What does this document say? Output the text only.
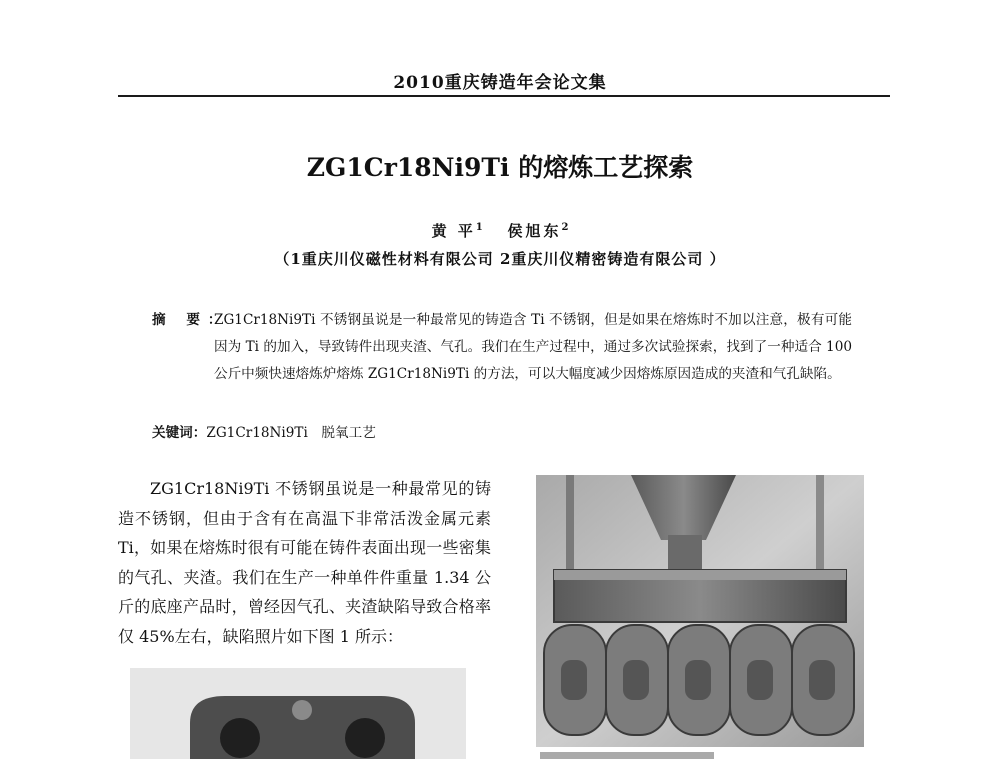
2010重庆铸造年会论文集
ZG1Cr18Ni9Ti 的熔炼工艺探索
黄 平$^1$ 侯旭东$^2$
（1重庆川仪磁性材料有限公司 2重庆川仪精密铸造有限公司 ）
摘 要：
ZG1Cr18Ni9Ti 不锈钢虽说是一种最常见的铸造含 Ti 不锈钢，但是如果在熔炼时不加以注意，极有可能因为 Ti 的加入，导致铸件出现夹渣、气孔。我们在生产过程中，通过多次试验探索，找到了一种适合 100 公斤中频快速熔炼炉熔炼 ZG1Cr18Ni9Ti 的方法，可以大幅度减少因熔炼原因造成的夹渣和气孔缺陷。
关键词：ZG1Cr18Ni9Ti　脱氧工艺

ZG1Cr18Ni9Ti 不锈钢虽说是一种最常见的铸造不锈钢，但由于含有在高温下非常活泼金属元素 Ti，如果在熔炼时很有可能在铸件表面出现一些密集的气孔、夹渣。我们在生产一种单件件重量 1.34 公斤的底座产品时，曾经因气孔、夹渣缺陷导致合格率仅 45%左右，缺陷照片如下图 1 所示：
